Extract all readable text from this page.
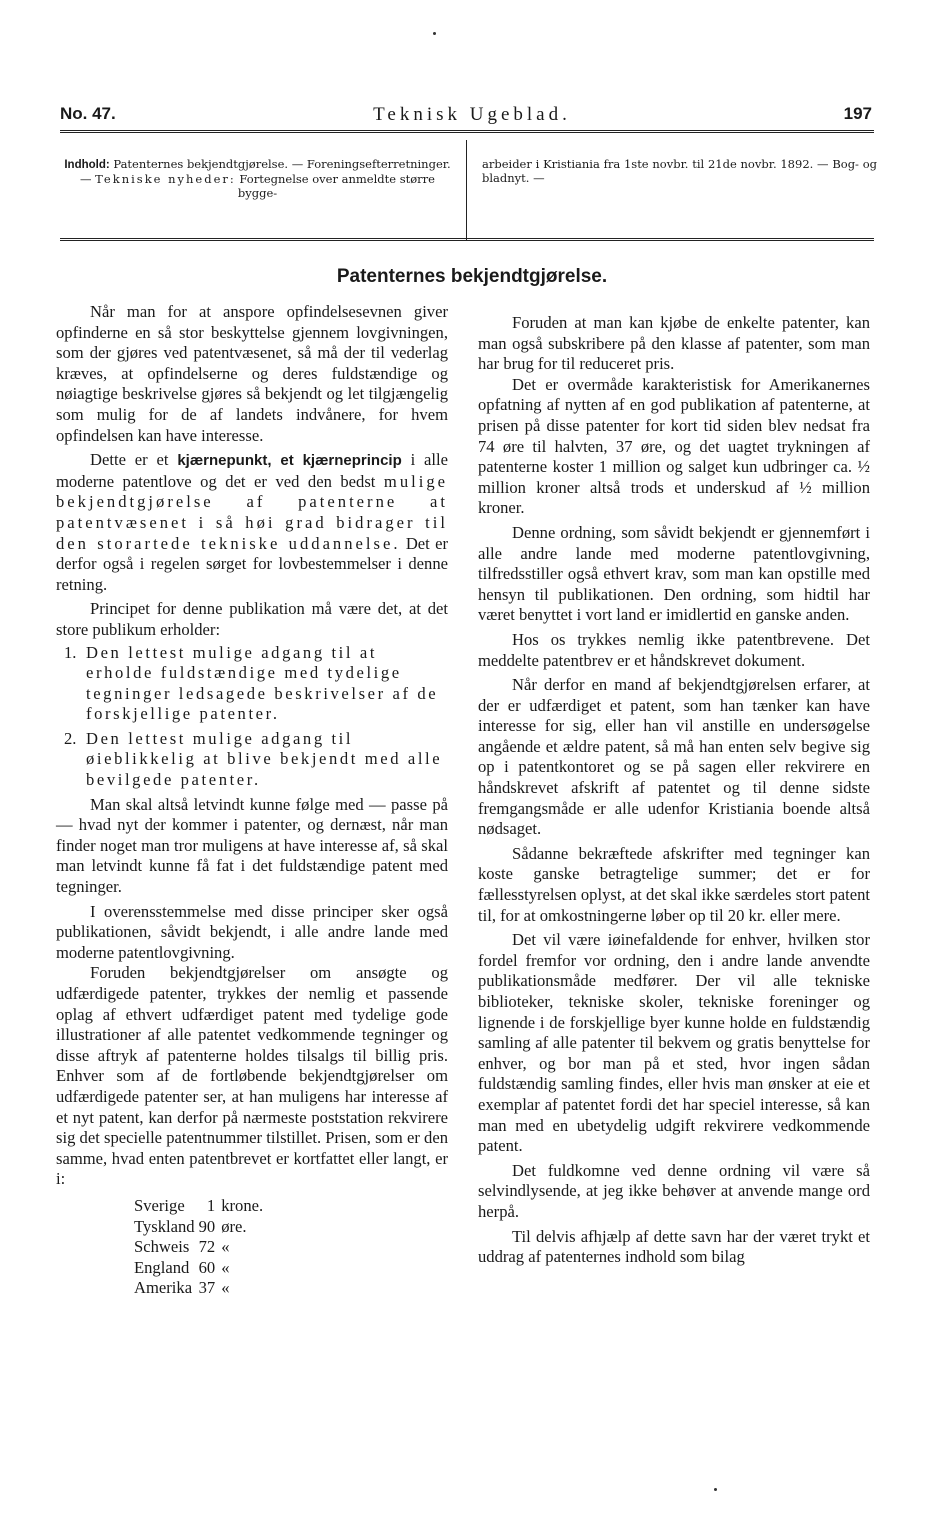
No. 47.	Teknisk Ugeblad.	197
Indhold: Patenternes bekjendtgjørelse. — Foreningsefterretninger.
— Tekniske nyheder: Fortegnelse over anmeldte større bygge-
arbeider i Kristiania fra 1ste novbr. til 21de novbr. 1892. — Bog- og bladnyt. —
Patenternes bekjendtgjørelse.

Når man for at anspore opfindelsesevnen giver opfinderne en så stor beskyttelse gjennem lovgivningen, som der gjøres ved patentvæsenet, så må der til vederlag kræves, at opfindelserne og deres fuldstændige og nøiagtige beskrivelse gjøres så bekjendt og let tilgjængelig som mulig for de af landets indvånere, for hvem opfindelsen kan have interesse.

Dette er et kjærnepunkt, et kjærneprincip i alle moderne patentlove og det er ved den bedst mulige bekjendtgjørelse af patenterne at patentvæsenet i så høi grad bidrager til den storartede tekniske uddannelse. Det er derfor også i regelen sørget for lovbestemmelser i denne retning.

Principet for denne publikation må være det, at det store publikum erholder:

1. Den lettest mulige adgang til at erholde fuldstændige med tydelige tegninger ledsagede beskrivelser af de forskjellige patenter.
2. Den lettest mulige adgang til øieblikkelig at blive bekjendt med alle bevilgede patenter.

Man skal altså letvindt kunne følge med — passe på — hvad nyt der kommer i patenter, og dernæst, når man finder noget man tror muligens at have interesse af, så skal man letvindt kunne få fat i det fuldstændige patent med tegninger.

I overensstemmelse med disse principer sker også publikationen, såvidt bekjendt, i alle andre lande med moderne patentlovgivning.

Foruden bekjendtgjørelser om ansøgte og udfærdigede patenter, trykkes der nemlig et passende oplag af ethvert udfærdiget patent med tydelige gode illustrationer af alle patentet vedkommende tegninger og disse aftryk af patenterne holdes tilsalgs til billig pris. Enhver som af de fortløbende bekjendtgjørelser om udfærdigede patenter ser, at han muligens har interesse af et nyt patent, kan derfor på nærmeste poststation rekvirere sig det specielle patentnummer tilstillet. Prisen, som er den samme, hvad enten patentbrevet er kortfattet eller langt, er i:

Sverige	1	krone.
Tyskland	90	øre.
Schweis	72	«
England	60	«
Amerika	37	«

Foruden at man kan kjøbe de enkelte patenter, kan man også subskribere på den klasse af patenter, som man har brug for til reduceret pris.

Det er overmåde karakteristisk for Amerikanernes opfatning af nytten af en god publikation af patenterne, at prisen på disse patenter for kort tid siden blev nedsat fra 74 øre til halvten, 37 øre, og det uagtet trykningen af patenterne koster 1 million og salget kun udbringer ca. ½ million kroner altså trods et underskud af ½ million kroner.

Denne ordning, som såvidt bekjendt er gjennemført i alle andre lande med moderne patentlovgivning, tilfredsstiller også ethvert krav, som man kan opstille med hensyn til publikationen. Den ordning, som hidtil har været benyttet i vort land er imidlertid en ganske anden.

Hos os trykkes nemlig ikke patentbrevene. Det meddelte patentbrev er et håndskrevet dokument.

Når derfor en mand af bekjendtgjørelsen erfarer, at der er udfærdiget et patent, som han tænker kan have interesse for sig, eller han vil anstille en undersøgelse angående et ældre patent, så må han enten selv begive sig op i patentkontoret og se på sagen eller rekvirere en håndskrevet afskrift af patentet og til denne sidste fremgangsmåde er alle udenfor Kristiania boende altså nødsaget.

Sådanne bekræftede afskrifter med tegninger kan koste ganske betragtelige summer; det er for fællesstyrelsen oplyst, at det skal ikke særdeles stort patent til, for at omkostningerne løber op til 20 kr. eller mere.

Det vil være iøinefaldende for enhver, hvilken stor fordel fremfor vor ordning, den i andre lande anvendte publikationsmåde medfører. Der vil alle tekniske biblioteker, tekniske skoler, tekniske foreninger og lignende i de forskjellige byer kunne holde en fuldstændig samling af alle patenter til bekvem og gratis benyttelse for enhver, og bor man på et sted, hvor ingen sådan fuldstændig samling findes, eller hvis man ønsker at eie et exemplar af patentet fordi det har speciel interesse, så kan man med en ubetydelig udgift rekvirere vedkommende patent.

Det fuldkomne ved denne ordning vil være så selvindlysende, at jeg ikke behøver at anvende mange ord herpå.

Til delvis afhjælp af dette savn har der været trykt et uddrag af patenternes indhold som bilag
